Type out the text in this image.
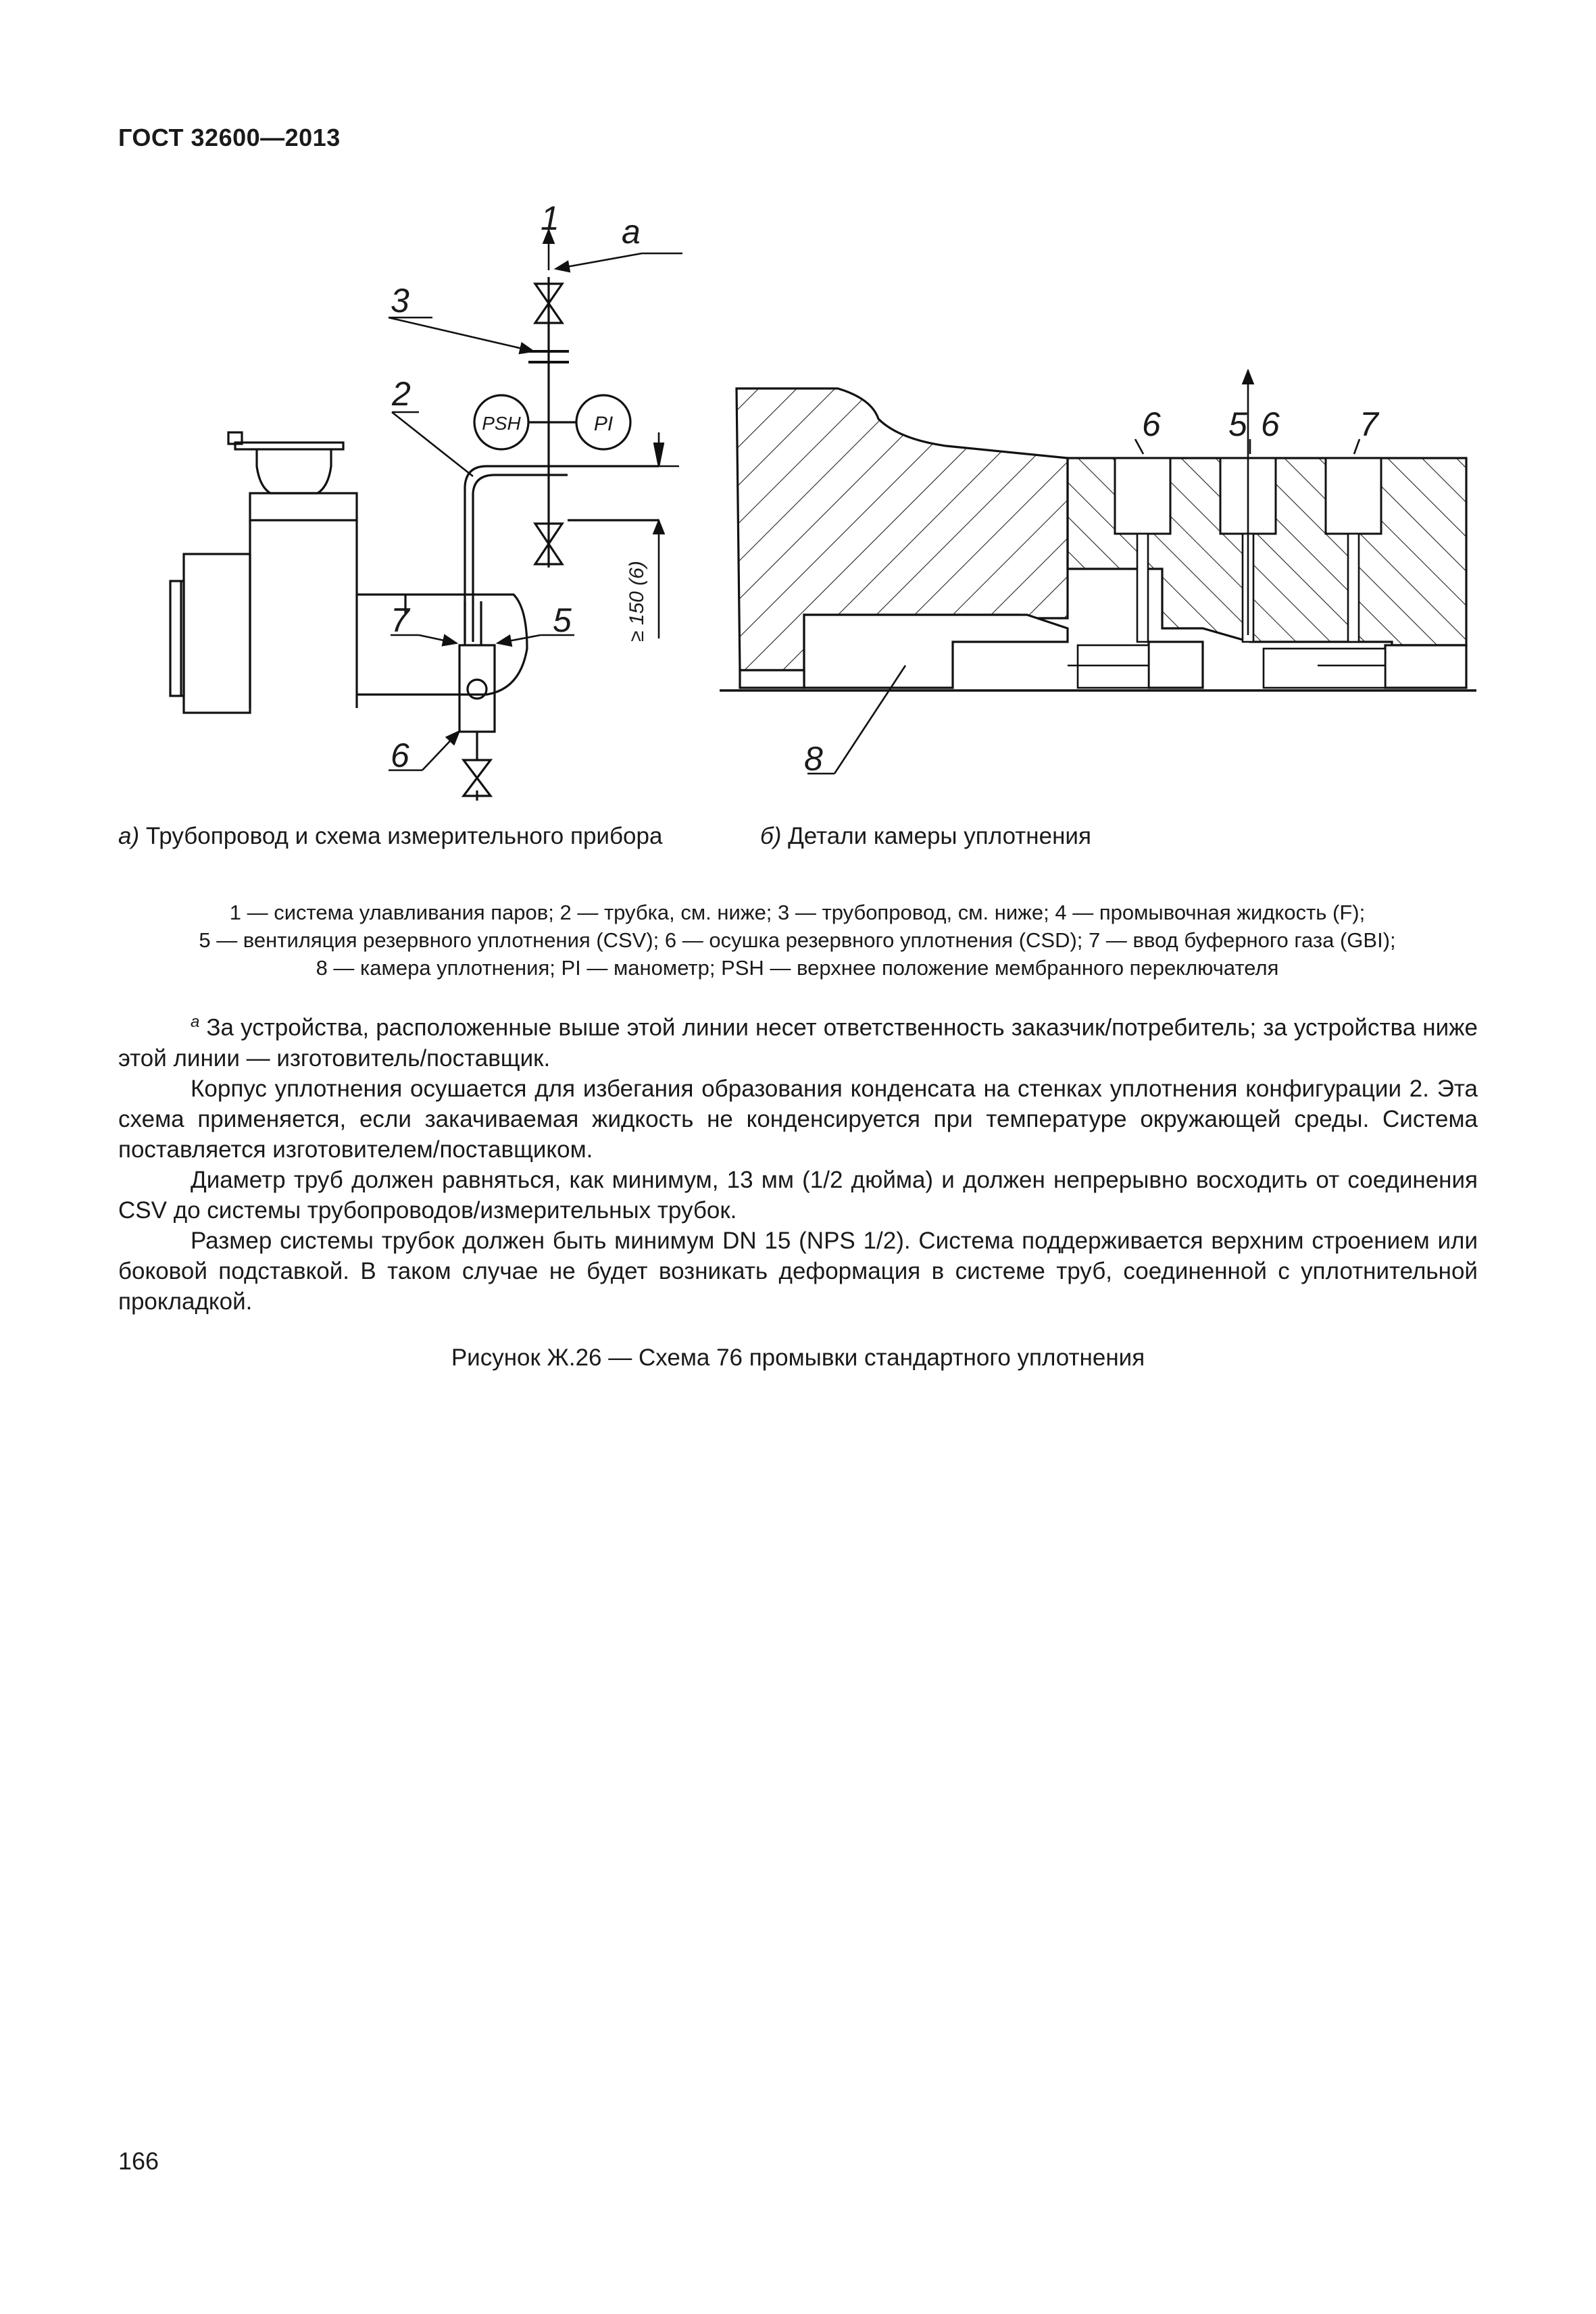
ГОСТ 32600—2013
PSH	PI
≥ 150 (6)
1 a
3
2
7	5
6
6 5 6 7
8
а) Трубопровод и схема измерительного прибора	б) Детали камеры уплотнения

1 — система улавливания паров; 2 — трубка, см. ниже; 3 — трубопровод, см. ниже; 4 — промывочная жидкость (F);

5 — вентиляция резервного уплотнения (CSV); 6 — осушка резервного уплотнения (CSD); 7 — ввод буферного газа (GBI);

8 — камера уплотнения; PI — манометр; PSH — верхнее положение мембранного переключателя

$^а$ За устройства, расположенные выше этой линии несет ответственность заказчик/потребитель; за устройства ниже этой линии — изготовитель/поставщик.

Корпус уплотнения осушается для избегания образования конденсата на стенках уплотнения конфигурации 2. Эта схема применяется, если закачиваемая жидкость не конденсируется при температуре окружающей среды. Система поставляется изготовителем/поставщиком.

Диаметр труб должен равняться, как минимум, 13 мм (1/2 дюйма) и должен непрерывно восходить от соединения CSV до системы трубопроводов/измерительных трубок.

Размер системы трубок должен быть минимум DN 15 (NPS 1/2). Система поддерживается верхним строением или боковой подставкой. В таком случае не будет возникать деформация в системе труб, соединенной с уплотнительной прокладкой.

Рисунок Ж.26 — Схема 76 промывки стандартного уплотнения
166
